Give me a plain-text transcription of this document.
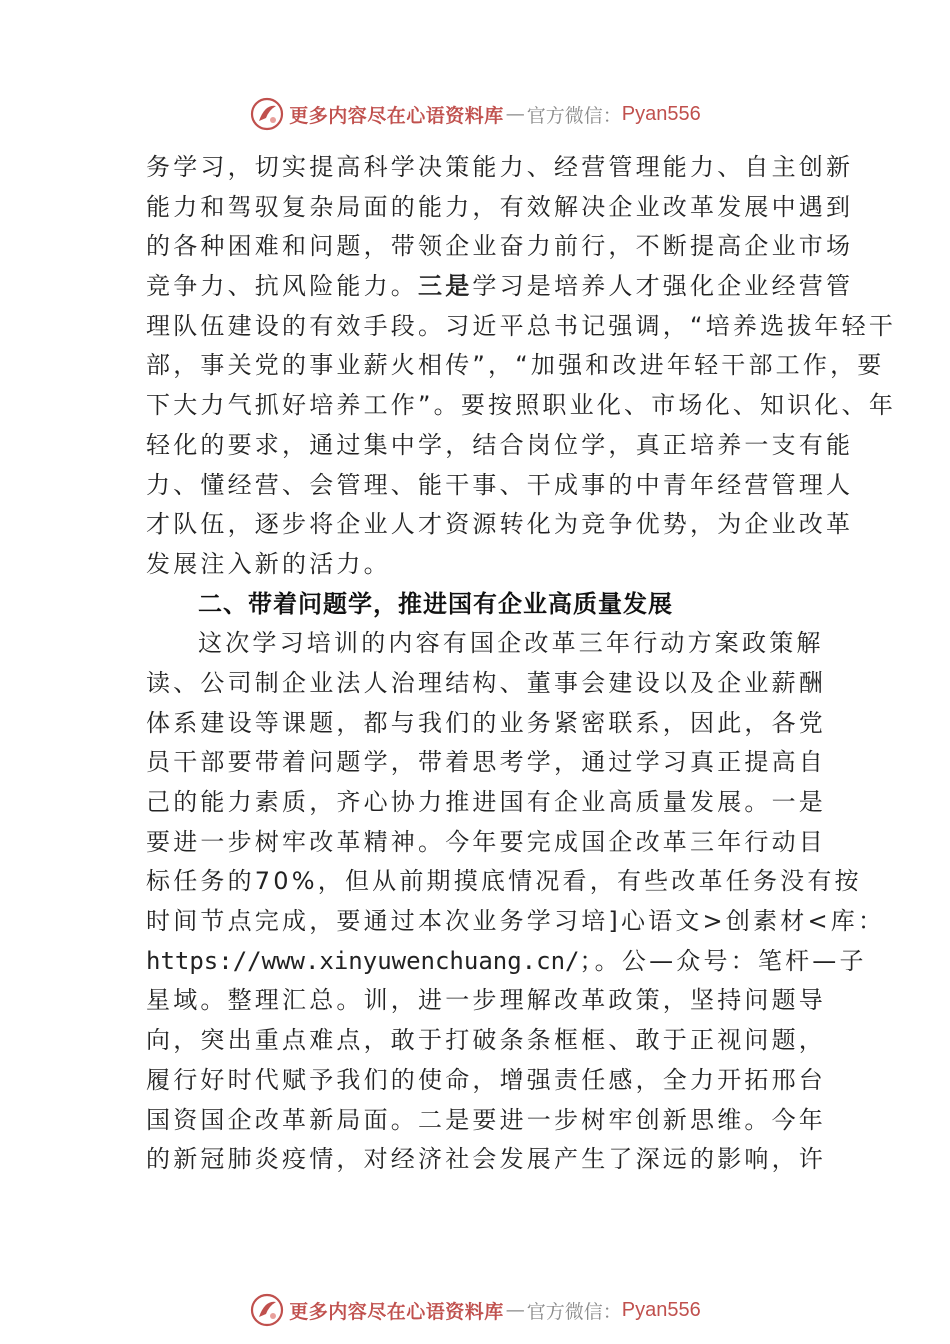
更多内容尽在心语资料库 — 官方微信： Pyan556
务学习，切实提高科学决策能力、经营管理能力、自主创新
能力和驾驭复杂局面的能力，有效解决企业改革发展中遇到
的各种困难和问题，带领企业奋力前行，不断提高企业市场
竞争力、抗风险能力。三是学习是培养人才强化企业经营管
理队伍建设的有效手段。习近平总书记强调，“培养选拔年轻干
部，事关党的事业薪火相传”，“加强和改进年轻干部工作，要
下大力气抓好培养工作”。要按照职业化、市场化、知识化、年
轻化的要求，通过集中学，结合岗位学，真正培养一支有能
力、懂经营、会管理、能干事、干成事的中青年经营管理人
才队伍，逐步将企业人才资源转化为竞争优势，为企业改革
发展注入新的活力。
二、带着问题学，推进国有企业高质量发展
这次学习培训的内容有国企改革三年行动方案政策解
读、公司制企业法人治理结构、董事会建设以及企业薪酬
体系建设等课题，都与我们的业务紧密联系，因此，各党
员干部要带着问题学，带着思考学，通过学习真正提高自
己的能力素质，齐心协力推进国有企业高质量发展。一是
要进一步树牢改革精神。今年要完成国企改革三年行动目
标任务的70%，但从前期摸底情况看，有些改革任务没有按
时间节点完成，要通过本次业务学习培]心语文>创素材<库：
https://www.xinyuwenchuang.cn/；。公—众号：笔杆—子
星域。整理汇总。训，进一步理解改革政策，坚持问题导
向，突出重点难点，敢于打破条条框框、敢于正视问题，
履行好时代赋予我们的使命，增强责任感，全力开拓邢台
国资国企改革新局面。二是要进一步树牢创新思维。今年
的新冠肺炎疫情，对经济社会发展产生了深远的影响，许
更多内容尽在心语资料库 — 官方微信： Pyan556
